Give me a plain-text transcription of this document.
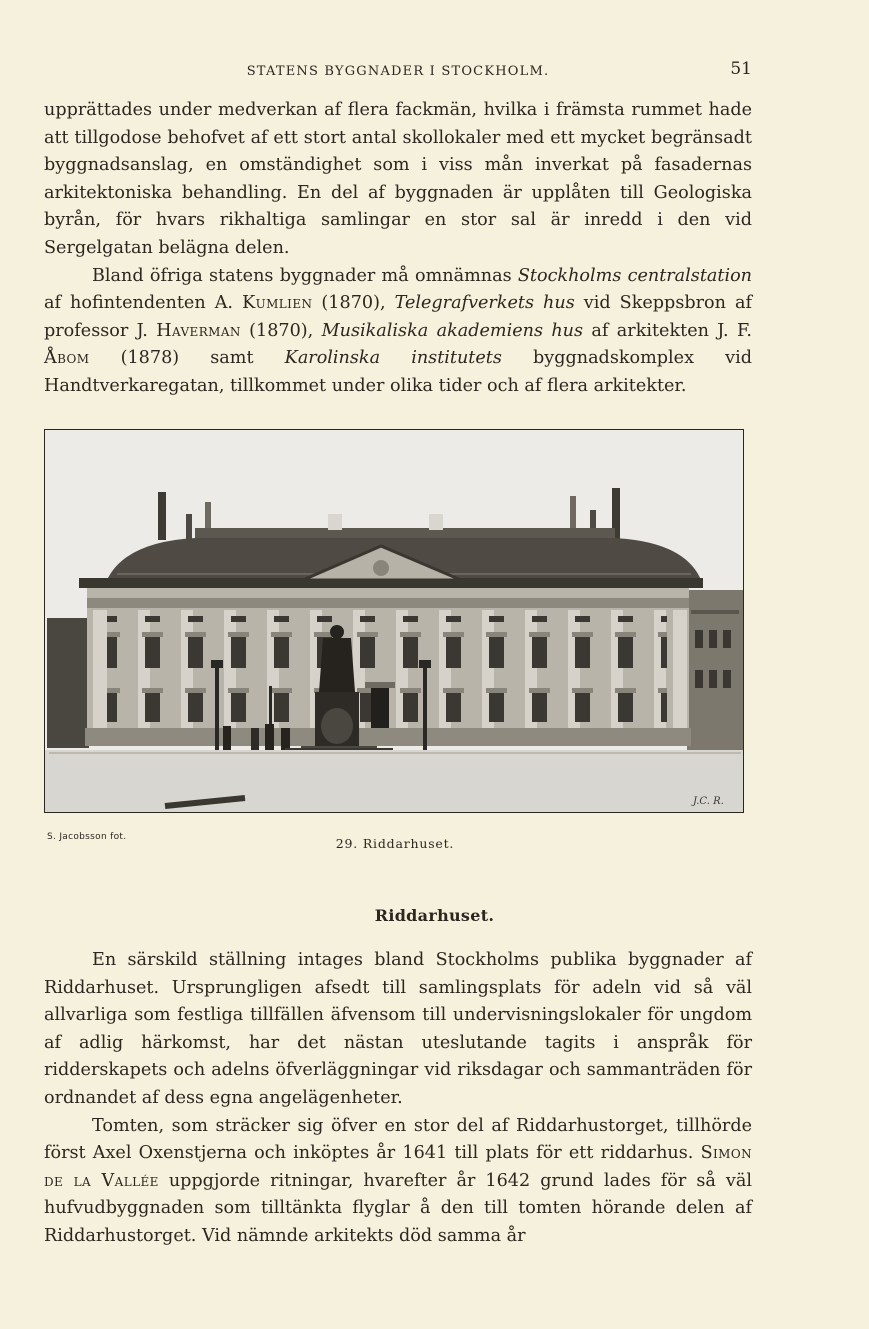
STATENS BYGGNADER I STOCKHOLM.	51

upprättades under medverkan af flera fackmän, hvilka i främsta rummet hade att tillgodose behofvet af ett stort antal skollokaler med ett mycket begränsadt byggnadsanslag, en omständighet som i viss mån inverkat på fasadernas arkitektoniska behandling. En del af byggnaden är upplåten till Geologiska byrån, för hvars rikhaltiga samlingar en stor sal är inredd i den vid Sergelgatan belägna delen.

Bland öfriga statens byggnader må omnämnas Stockholms centralstation af hofintendenten A. Kumlien (1870), Telegrafverkets hus vid Skeppsbron af professor J. Haverman (1870), Musikaliska akademiens hus af arkitekten J. F. Åbom (1878) samt Karolinska institutets byggnadskomplex vid Handtverkaregatan, tillkommet under olika tider och af flera arkitekter.

J.C. R.
S. Jacobsson fot.	29. Riddarhuset.
Riddarhuset.

En särskild ställning intages bland Stockholms publika byggnader af Riddarhuset. Ursprungligen afsedt till samlingsplats för adeln vid så väl allvarliga som festliga tillfällen äfvensom till undervisningslokaler för ungdom af adlig härkomst, har det nästan uteslutande tagits i anspråk för ridderskapets och adelns öfverläggningar vid riksdagar och sammanträden för ordnandet af dess egna angelägenheter.

Tomten, som sträcker sig öfver en stor del af Riddarhustorget, tillhörde först Axel Oxenstjerna och inköptes år 1641 till plats för ett riddarhus. Simon de la Vallée uppgjorde ritningar, hvarefter år 1642 grund lades för så väl hufvudbyggnaden som tilltänkta flyglar å den till tomten hörande delen af Riddarhustorget. Vid nämnde arkitekts död samma år
